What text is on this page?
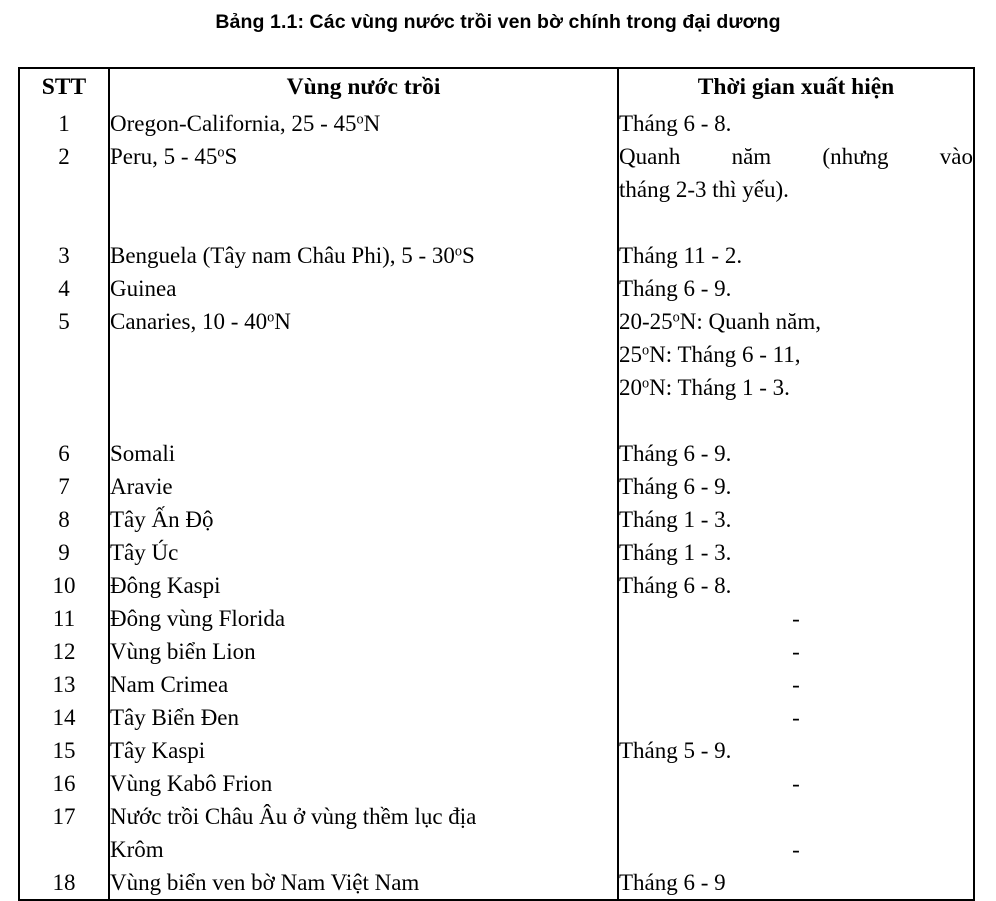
Bảng 1.1: Các vùng nước trồi ven bờ chính trong đại dương
STT	Vùng nước trồi	Thời gian xuất hiện
1	Oregon-California, 25 - 45$^o$N	Tháng 6 - 8.

2	Peru, 5 - 45$^o$S	Quanh năm (nhưng vào
tháng 2-3 thì yếu).

3	Benguela (Tây nam Châu Phi), 5 - 30$^o$S	Tháng 11 - 2.

4	Guinea	Tháng 6 - 9.

5	Canaries, 10 - 40$^o$N	20-25$^o$N: Quanh năm,
25$^o$N: Tháng 6 - 11,
20$^o$N: Tháng 1 - 3.

6	Somali	Tháng 6 - 9.

7	Aravie	Tháng 6 - 9.

8	Tây Ấn Độ	Tháng 1 - 3.

9	Tây Úc	Tháng 1 - 3.

10	Đông Kaspi	Tháng 6 - 8.

11	Đông vùng Florida	-

12	Vùng biển Lion	-

13	Nam Crimea	-

14	Tây Biển Đen	-

15	Tây Kaspi	Tháng 5 - 9.

16	Vùng Kabô Frion	-

17	Nước trồi Châu Âu ở vùng thềm lục địa
Krôm	-

18	Vùng biển ven bờ Nam Việt Nam	Tháng 6 - 9
